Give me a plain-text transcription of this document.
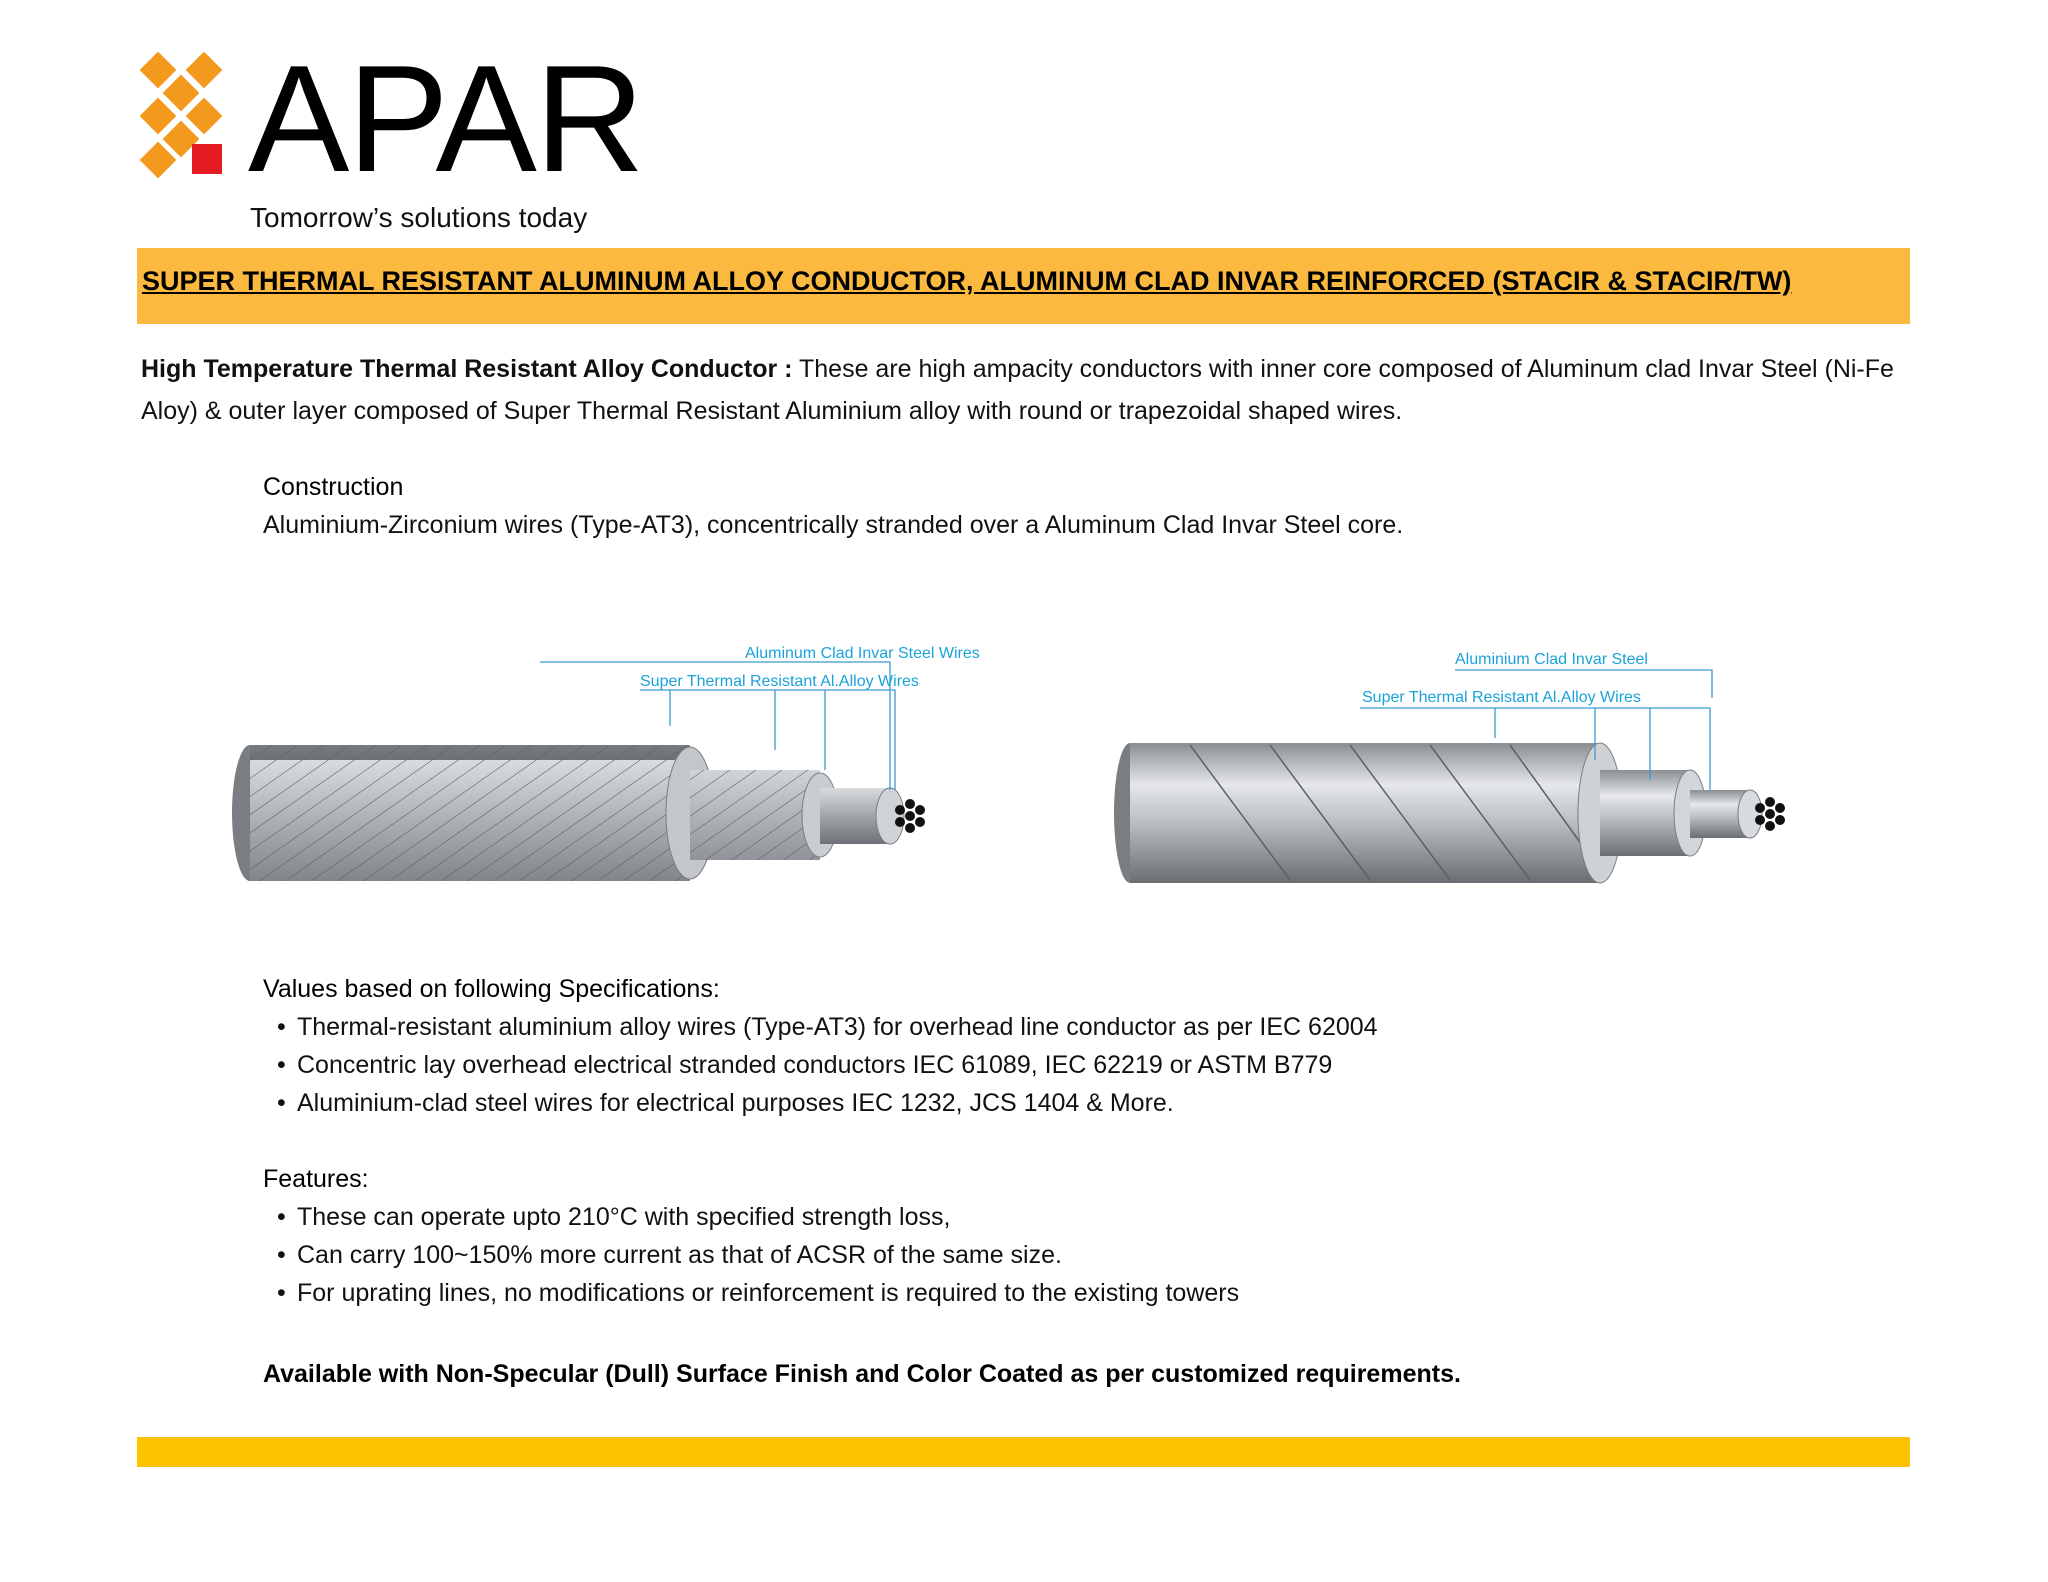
APAR
Tomorrow’s solutions today
SUPER THERMAL RESISTANT ALUMINUM ALLOY CONDUCTOR, ALUMINUM CLAD INVAR REINFORCED (STACIR & STACIR/TW)
High Temperature Thermal Resistant Alloy Conductor : These are high ampacity conductors with inner core composed of Aluminum clad Invar Steel (Ni-Fe Aloy) & outer layer composed of Super Thermal Resistant Aluminium alloy with round or trapezoidal shaped wires.
Construction
Aluminium-Zirconium wires (Type-AT3), concentrically stranded over a Aluminum Clad Invar Steel core.
Super Thermal Resistant Al.Alloy Wires
Aluminum Clad Invar Steel Wires
Super Thermal Resistant Al.Alloy Wires
Aluminium Clad Invar Steel
Values based on following Specifications:
• Thermal-resistant aluminium alloy wires (Type-AT3) for overhead line conductor as per IEC 62004
• Concentric lay overhead electrical stranded conductors IEC 61089, IEC 62219 or ASTM B779
• Aluminium-clad steel wires for electrical purposes IEC 1232, JCS 1404 & More.
Features:
• These can operate upto 210°C with specified strength loss,
• Can carry 100~150% more current as that of ACSR of the same size.
• For uprating lines, no modifications or reinforcement is required to the existing towers
Available with Non-Specular (Dull) Surface Finish and Color Coated as per customized requirements.
